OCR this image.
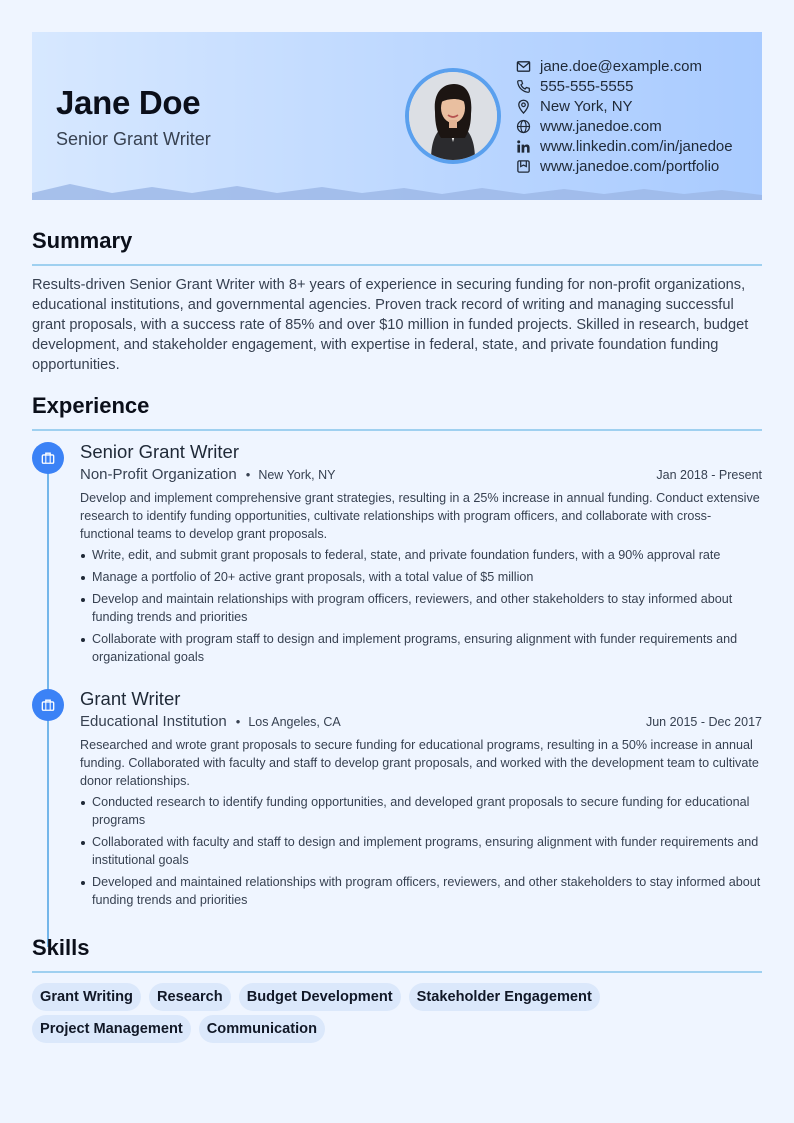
Jane Doe
Senior Grant Writer
jane.doe@example.com
555-555-5555
New York, NY
www.janedoe.com
www.linkedin.com/in/janedoe
www.janedoe.com/portfolio
Summary
Results-driven Senior Grant Writer with 8+ years of experience in securing funding for non-profit organizations, educational institutions, and governmental agencies. Proven track record of writing and managing successful grant proposals, with a success rate of 85% and over $10 million in funded projects. Skilled in research, budget development, and stakeholder engagement, with expertise in federal, state, and private foundation funding opportunities.
Experience
Senior Grant Writer
Non-Profit Organization • New York, NY	Jan 2018 - Present
Develop and implement comprehensive grant strategies, resulting in a 25% increase in annual funding. Conduct extensive research to identify funding opportunities, cultivate relationships with program officers, and collaborate with cross-functional teams to develop grant proposals.
Write, edit, and submit grant proposals to federal, state, and private foundation funders, with a 90% approval rate
Manage a portfolio of 20+ active grant proposals, with a total value of $5 million
Develop and maintain relationships with program officers, reviewers, and other stakeholders to stay informed about funding trends and priorities
Collaborate with program staff to design and implement programs, ensuring alignment with funder requirements and organizational goals
Grant Writer
Educational Institution • Los Angeles, CA	Jun 2015 - Dec 2017
Researched and wrote grant proposals to secure funding for educational programs, resulting in a 50% increase in annual funding. Collaborated with faculty and staff to develop grant proposals, and worked with the development team to cultivate donor relationships.
Conducted research to identify funding opportunities, and developed grant proposals to secure funding for educational programs
Collaborated with faculty and staff to design and implement programs, ensuring alignment with funder requirements and institutional goals
Developed and maintained relationships with program officers, reviewers, and other stakeholders to stay informed about funding trends and priorities
Skills
Grant Writing	Research	Budget Development	Stakeholder Engagement
Project Management	Communication
